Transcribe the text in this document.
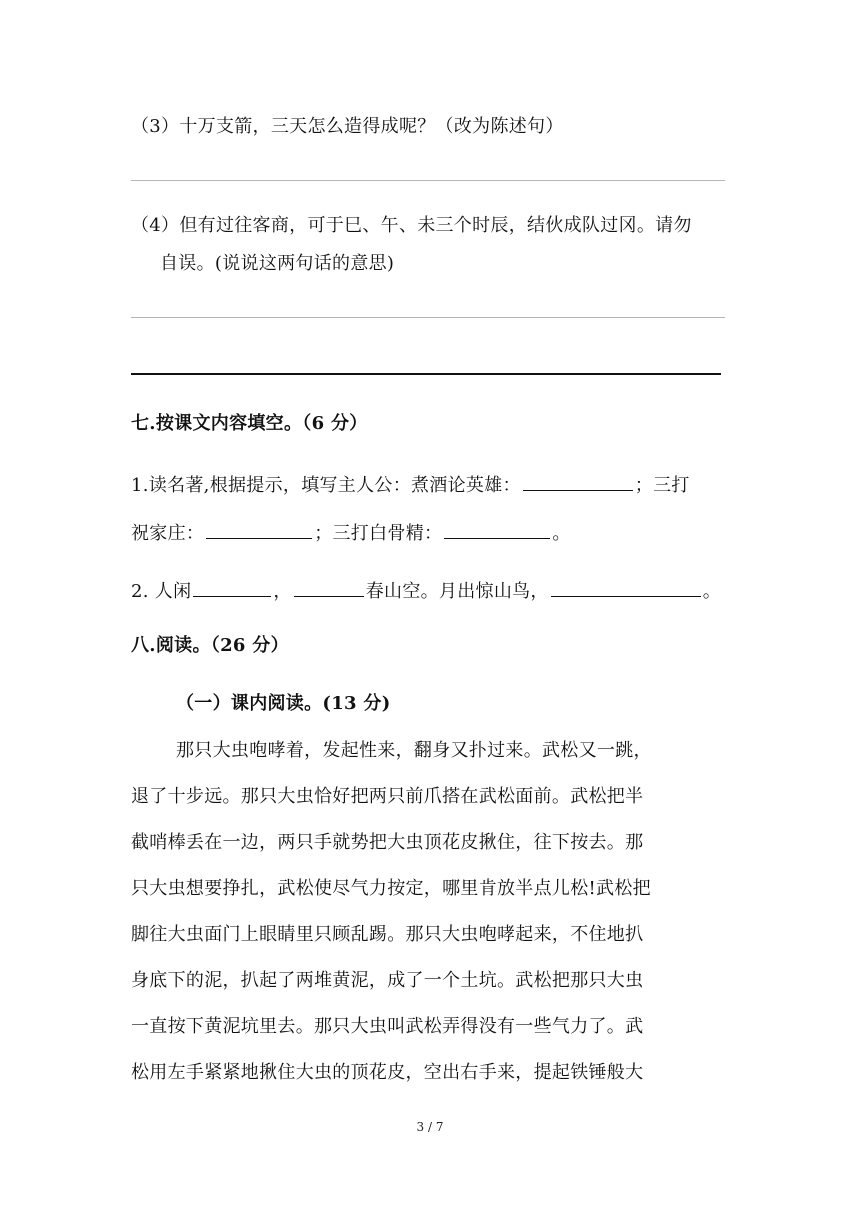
（3）十万支箭，三天怎么造得成呢？（改为陈述句）
（4）但有过往客商，可于巳、午、未三个时辰，结伙成队过冈。请勿
自误。(说说这两句话的意思)
七.按课文内容填空。（6 分）
1.读名著,根据提示，填写主人公：煮酒论英雄：	；三打
祝家庄：	；三打白骨精：	。
2. 人闲	，	春山空。月出惊山鸟，	。
八.阅读。（26 分）
（一）课内阅读。(13 分)
那只大虫咆哮着，发起性来，翻身又扑过来。武松又一跳，
退了十步远。那只大虫恰好把两只前爪搭在武松面前。武松把半
截哨棒丢在一边，两只手就势把大虫顶花皮揪住，往下按去。那
只大虫想要挣扎，武松使尽气力按定，哪里肯放半点儿松!武松把
脚往大虫面门上眼睛里只顾乱踢。那只大虫咆哮起来，不住地扒
身底下的泥，扒起了两堆黄泥，成了一个土坑。武松把那只大虫
一直按下黄泥坑里去。那只大虫叫武松弄得没有一些气力了。武
松用左手紧紧地揪住大虫的顶花皮，空出右手来，提起铁锤般大
3 / 7
